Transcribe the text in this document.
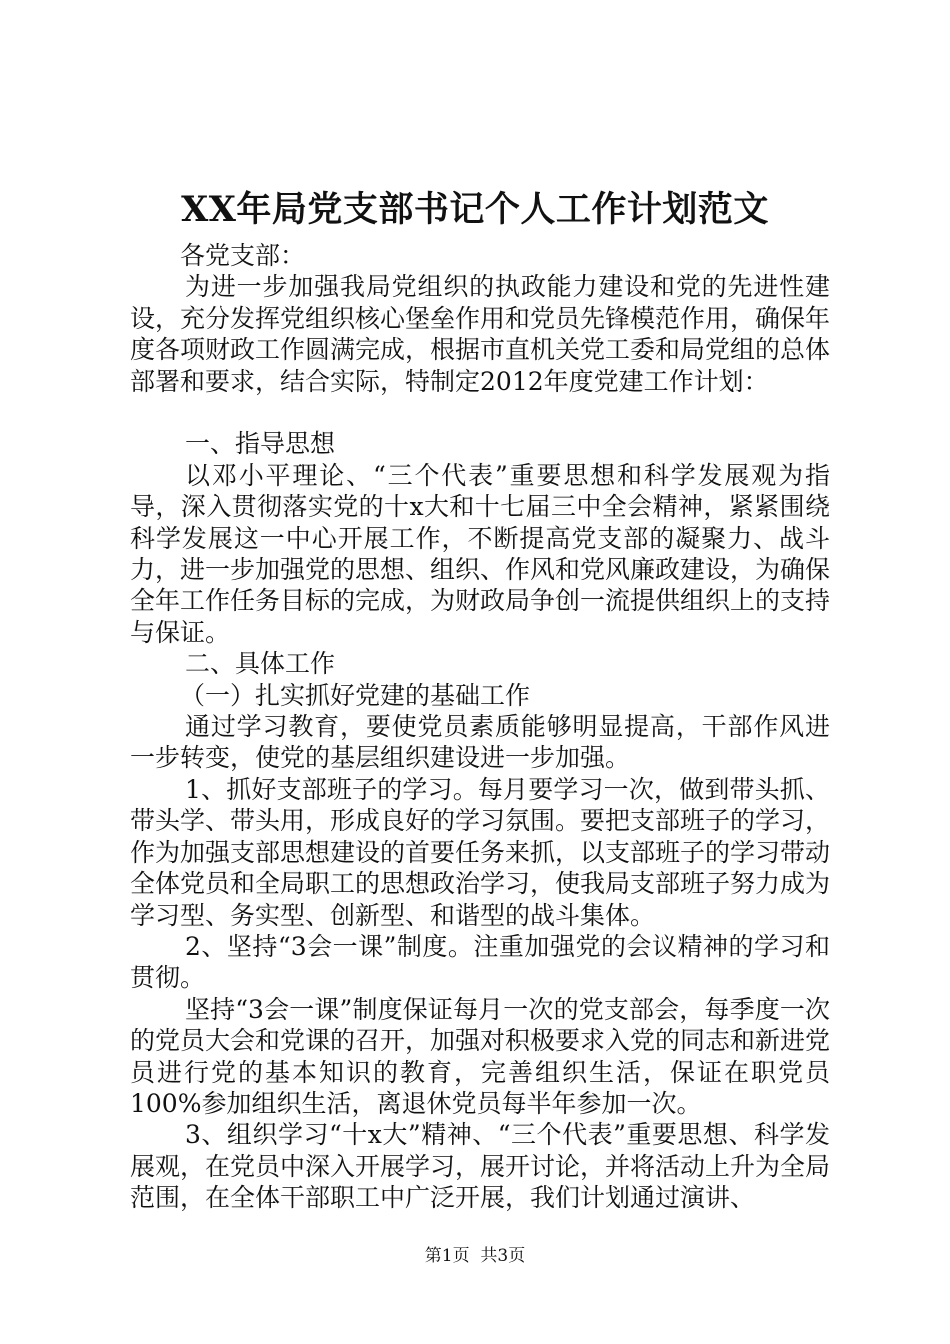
XX年局党支部书记个人工作计划范文

各党支部：

为进一步加强我局党组织的执政能力建设和党的先进性建设，充分发挥党组织核心堡垒作用和党员先锋模范作用，确保年度各项财政工作圆满完成，根据市直机关党工委和局党组的总体部署和要求，结合实际，特制定2012年度党建工作计划：

一、指导思想

以邓小平理论、“三个代表”重要思想和科学发展观为指导，深入贯彻落实党的十x大和十七届三中全会精神，紧紧围绕科学发展这一中心开展工作，不断提高党支部的凝聚力、战斗力，进一步加强党的思想、组织、作风和党风廉政建设，为确保全年工作任务目标的完成，为财政局争创一流提供组织上的支持与保证。

二、具体工作

（一）扎实抓好党建的基础工作

通过学习教育，要使党员素质能够明显提高，干部作风进一步转变，使党的基层组织建设进一步加强。

1、抓好支部班子的学习。每月要学习一次，做到带头抓、带头学、带头用，形成良好的学习氛围。要把支部班子的学习，作为加强支部思想建设的首要任务来抓，以支部班子的学习带动全体党员和全局职工的思想政治学习，使我局支部班子努力成为学习型、务实型、创新型、和谐型的战斗集体。

2、坚持“3会一课”制度。注重加强党的会议精神的学习和贯彻。

坚持“3会一课”制度保证每月一次的党支部会，每季度一次的党员大会和党课的召开，加强对积极要求入党的同志和新进党员进行党的基本知识的教育，完善组织生活，保证在职党员100%参加组织生活，离退休党员每半年参加一次。

3、组织学习“十x大”精神、“三个代表”重要思想、科学发展观，在党员中深入开展学习，展开讨论，并将活动上升为全局范围，在全体干部职工中广泛开展，我们计划通过演讲、

第1页  共3页
